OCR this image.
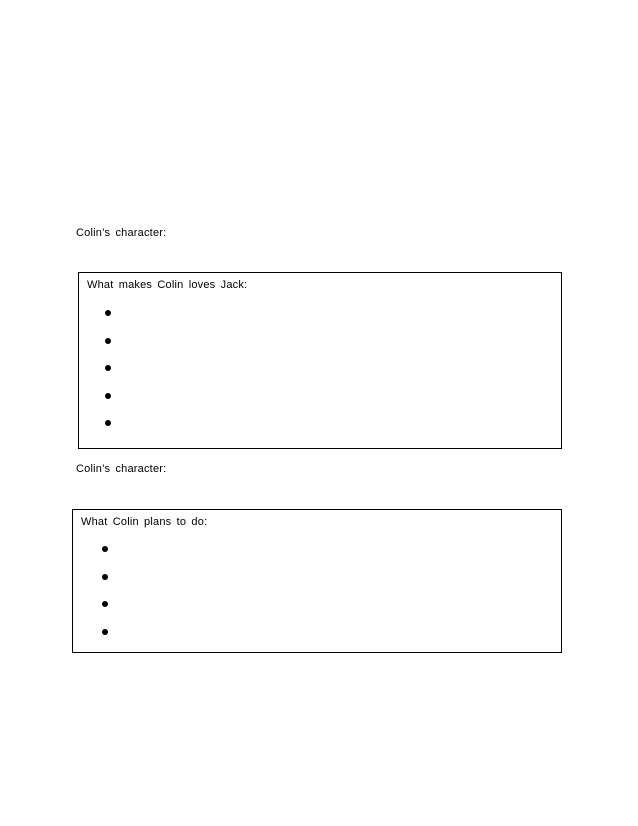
Colin’s character:
What makes Colin loves Jack:
Colin’s character:
What Colin plans to do:
